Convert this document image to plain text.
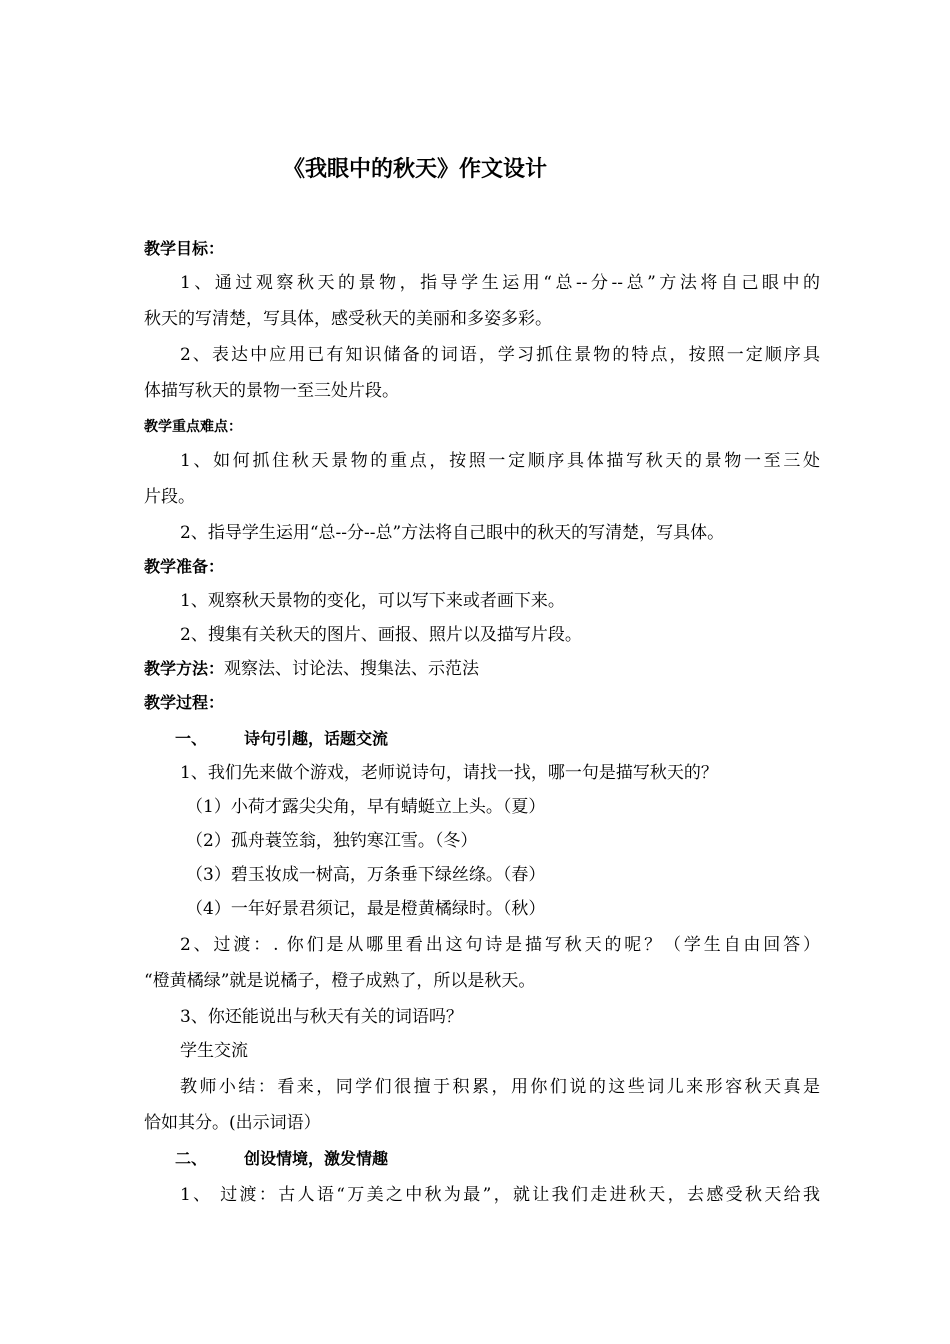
《我眼中的秋天》作文设计
教学目标：
1、通过观察秋天的景物，指导学生运用“总--分--总”方法将自己眼中的
秋天的写清楚，写具体，感受秋天的美丽和多姿多彩。
2、表达中应用已有知识储备的词语，学习抓住景物的特点，按照一定顺序具
体描写秋天的景物一至三处片段。
教学重点难点：
1、如何抓住秋天景物的重点，按照一定顺序具体描写秋天的景物一至三处
片段。
2、指导学生运用“总--分--总”方法将自己眼中的秋天的写清楚，写具体。
教学准备：
1、观察秋天景物的变化，可以写下来或者画下来。
2、搜集有关秋天的图片、画报、照片以及描写片段。
教学方法：观察法、讨论法、搜集法、示范法
教学过程：
一、 诗句引趣，话题交流
1、我们先来做个游戏，老师说诗句，请找一找，哪一句是描写秋天的？
（1）小荷才露尖尖角，早有蜻蜓立上头。（夏）
（2）孤舟蓑笠翁，独钓寒江雪。（冬）
（3）碧玉妆成一树高，万条垂下绿丝绦。（春）
（4）一年好景君须记，最是橙黄橘绿时。（秋）
2、过渡：. 你们是从哪里看出这句诗是描写秋天的呢？（学生自由回答）
“橙黄橘绿”就是说橘子，橙子成熟了，所以是秋天。
3、你还能说出与秋天有关的词语吗？
学生交流
教师小结：看来，同学们很擅于积累，用你们说的这些词儿来形容秋天真是
恰如其分。(出示词语）
二、 创设情境，激发情趣
1、 过渡：古人语“万美之中秋为最”，就让我们走进秋天，去感受秋天给我
